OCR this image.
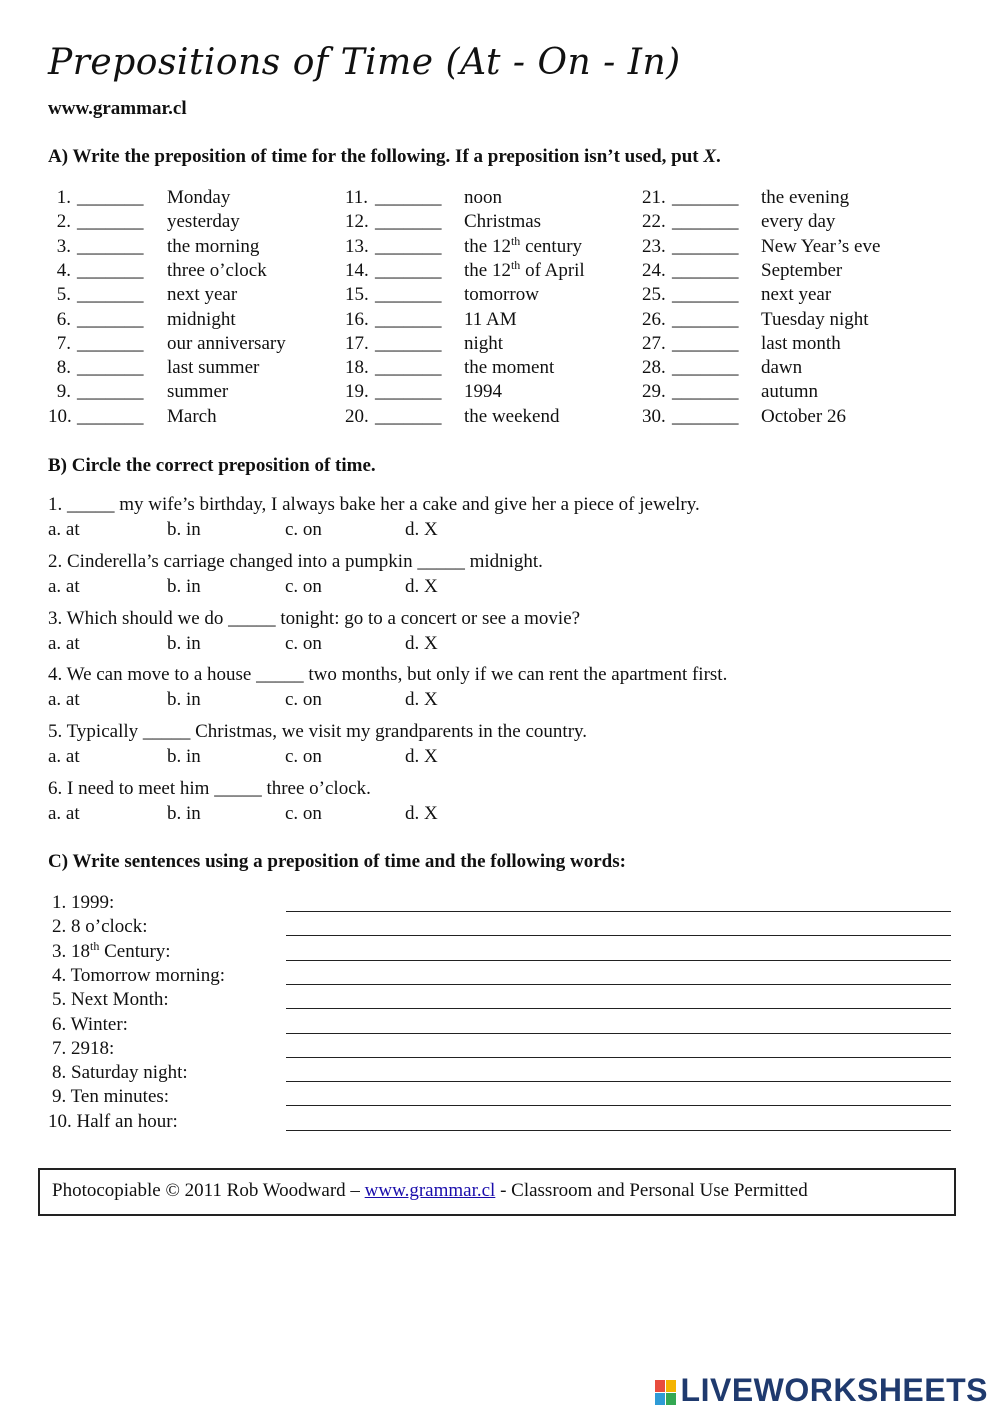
Prepositions of Time (At - On - In)
www.grammar.cl
A) Write the preposition of time for the following. If a preposition isn’t used, put X.
1. _______ Monday
2. _______ yesterday
3. _______ the morning
4. _______ three o’clock
5. _______ next year
6. _______ midnight
7. _______ our anniversary
8. _______ last summer
9. _______ summer
10. _______ March
11. _______ noon
12. _______ Christmas
13. _______ the 12th century
14. _______ the 12th of April
15. _______ tomorrow
16. _______ 11 AM
17. _______ night
18. _______ the moment
19. _______ 1994
20. _______ the weekend
21. _______ the evening
22. _______ every day
23. _______ New Year’s eve
24. _______ September
25. _______ next year
26. _______ Tuesday night
27. _______ last month
28. _______ dawn
29. _______ autumn
30. _______ October 26
B) Circle the correct preposition of time.
1. _____ my wife’s birthday, I always bake her a cake and give her a piece of jewelry.
a. at	b. in	c. on	d. X
2. Cinderella’s carriage changed into a pumpkin _____ midnight.
a. at	b. in	c. on	d. X
3. Which should we do _____ tonight: go to a concert or see a movie?
a. at	b. in	c. on	d. X
4. We can move to a house _____ two months, but only if we can rent the apartment first.
a. at	b. in	c. on	d. X
5. Typically _____ Christmas, we visit my grandparents in the country.
a. at	b. in	c. on	d. X
6. I need to meet him _____ three o’clock.
a. at	b. in	c. on	d. X
C) Write sentences using a preposition of time and the following words:
1. 1999:
2. 8 o’clock:
3. 18th Century:
4. Tomorrow morning:
5. Next Month:
6. Winter:
7. 2918:
8. Saturday night:
9. Ten minutes:
10. Half an hour:
Photocopiable © 2011 Rob Woodward – www.grammar.cl - Classroom and Personal Use Permitted
LIVEWORKSHEETS
